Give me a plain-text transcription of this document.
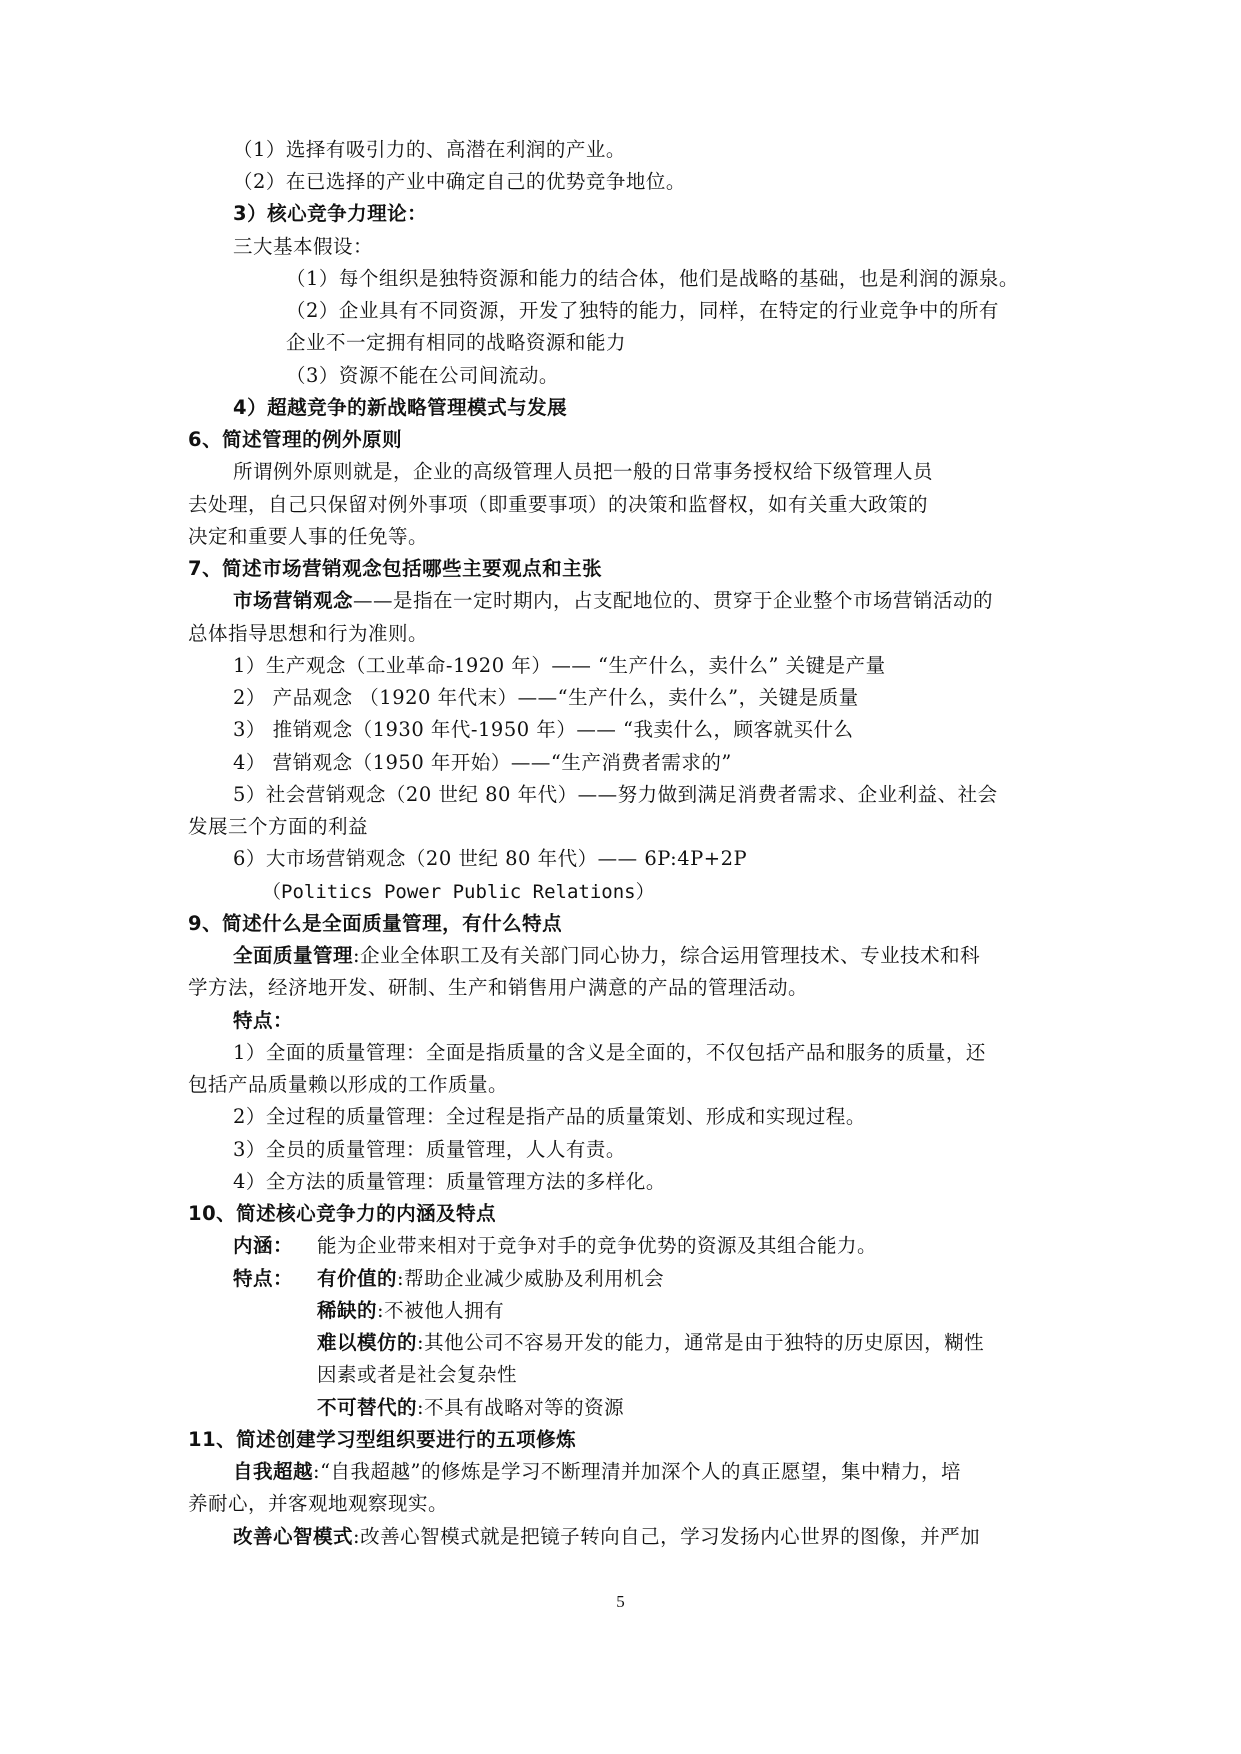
（1）选择有吸引力的、高潜在利润的产业。
（2）在已选择的产业中确定自己的优势竞争地位。
3）核心竞争力理论：
三大基本假设：
（1）每个组织是独特资源和能力的结合体，他们是战略的基础，也是利润的源泉。
（2）企业具有不同资源，开发了独特的能力，同样，在特定的行业竞争中的所有
企业不一定拥有相同的战略资源和能力
（3）资源不能在公司间流动。
4）超越竞争的新战略管理模式与发展
6、简述管理的例外原则
所谓例外原则就是，企业的高级管理人员把一般的日常事务授权给下级管理人员
去处理，自己只保留对例外事项（即重要事项）的决策和监督权，如有关重大政策的
决定和重要人事的任免等。
7、简述市场营销观念包括哪些主要观点和主张
市场营销观念——是指在一定时期内，占支配地位的、贯穿于企业整个市场营销活动的
总体指导思想和行为准则。
1）生产观念（工业革命-1920 年）—— “生产什么，卖什么” 关键是产量
2） 产品观念 （1920 年代末）——“生产什么，卖什么”，关键是质量
3） 推销观念（1930 年代-1950 年）—— “我卖什么，顾客就买什么
4） 营销观念（1950 年开始）——“生产消费者需求的”
5）社会营销观念（20 世纪 80 年代）——努力做到满足消费者需求、企业利益、社会
发展三个方面的利益
6）大市场营销观念（20 世纪 80 年代）—— 6P:4P+2P
（Politics Power Public Relations）
9、简述什么是全面质量管理，有什么特点
全面质量管理:企业全体职工及有关部门同心协力，综合运用管理技术、专业技术和科
学方法，经济地开发、研制、生产和销售用户满意的产品的管理活动。
特点：
1）全面的质量管理：全面是指质量的含义是全面的，不仅包括产品和服务的质量，还
包括产品质量赖以形成的工作质量。
2）全过程的质量管理：全过程是指产品的质量策划、形成和实现过程。
3）全员的质量管理：质量管理，人人有责。
4）全方法的质量管理：质量管理方法的多样化。
10、简述核心竞争力的内涵及特点
内涵： 能为企业带来相对于竞争对手的竞争优势的资源及其组合能力。
特点： 有价值的:帮助企业减少威胁及利用机会
稀缺的:不被他人拥有
难以模仿的:其他公司不容易开发的能力，通常是由于独特的历史原因，糊性
因素或者是社会复杂性
不可替代的:不具有战略对等的资源
11、简述创建学习型组织要进行的五项修炼
自我超越:“自我超越”的修炼是学习不断理清并加深个人的真正愿望，集中精力，培
养耐心，并客观地观察现实。
改善心智模式:改善心智模式就是把镜子转向自己，学习发扬内心世界的图像，并严加
5
